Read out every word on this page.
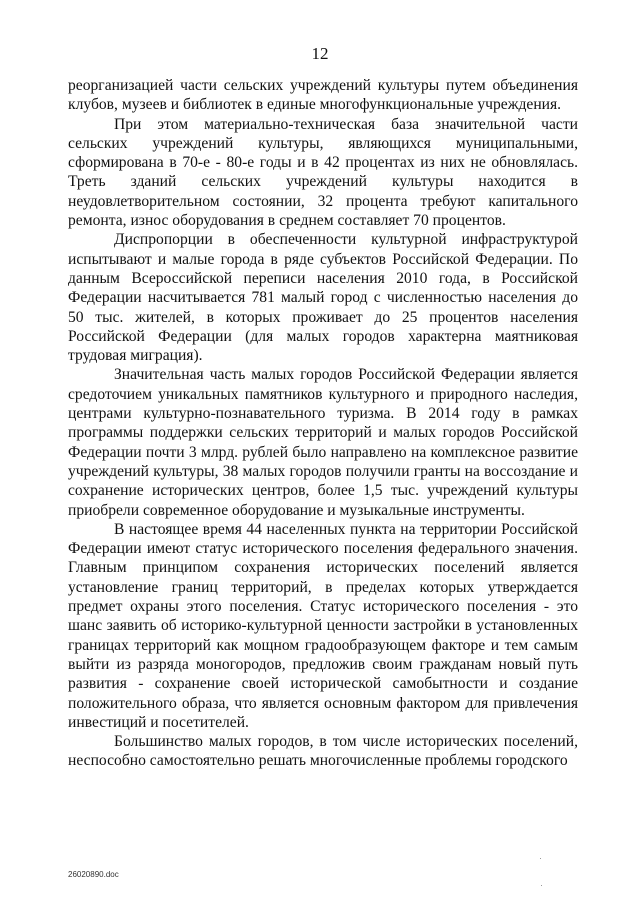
12

реорганизацией части сельских учреждений культуры путем объединения клубов, музеев и библиотек в единые многофункциональные учреждения.

При этом материально-техническая база значительной части сельских учреждений культуры, являющихся муниципальными, сформирована в 70-е - 80-е годы и в 42 процентах из них не обновлялась. Треть зданий сельских учреждений культуры находится в неудовлетворительном состоянии, 32 процента требуют капитального ремонта, износ оборудования в среднем составляет 70 процентов.

Диспропорции в обеспеченности культурной инфраструктурой испытывают и малые города в ряде субъектов Российской Федерации. По данным Всероссийской переписи населения 2010 года, в Российской Федерации насчитывается 781 малый город с численностью населения до 50 тыс. жителей, в которых проживает до 25 процентов населения Российской Федерации (для малых городов характерна маятниковая трудовая миграция).

Значительная часть малых городов Российской Федерации является средоточием уникальных памятников культурного и природного наследия, центрами культурно-познавательного туризма. В 2014 году в рамках программы поддержки сельских территорий и малых городов Российской Федерации почти 3 млрд. рублей было направлено на комплексное развитие учреждений культуры, 38 малых городов получили гранты на воссоздание и сохранение исторических центров, более 1,5 тыс. учреждений культуры приобрели современное оборудование и музыкальные инструменты.

В настоящее время 44 населенных пункта на территории Российской Федерации имеют статус исторического поселения федерального значения. Главным принципом сохранения исторических поселений является установление границ территорий, в пределах которых утверждается предмет охраны этого поселения. Статус исторического поселения - это шанс заявить об историко-культурной ценности застройки в установленных границах территорий как мощном градообразующем факторе и тем самым выйти из разряда моногородов, предложив своим гражданам новый путь развития - сохранение своей исторической самобытности и создание положительного образа, что является основным фактором для привлечения инвестиций и посетителей.

Большинство малых городов, в том числе исторических поселений, неспособно самостоятельно решать многочисленные проблемы городского

26020890.doc
